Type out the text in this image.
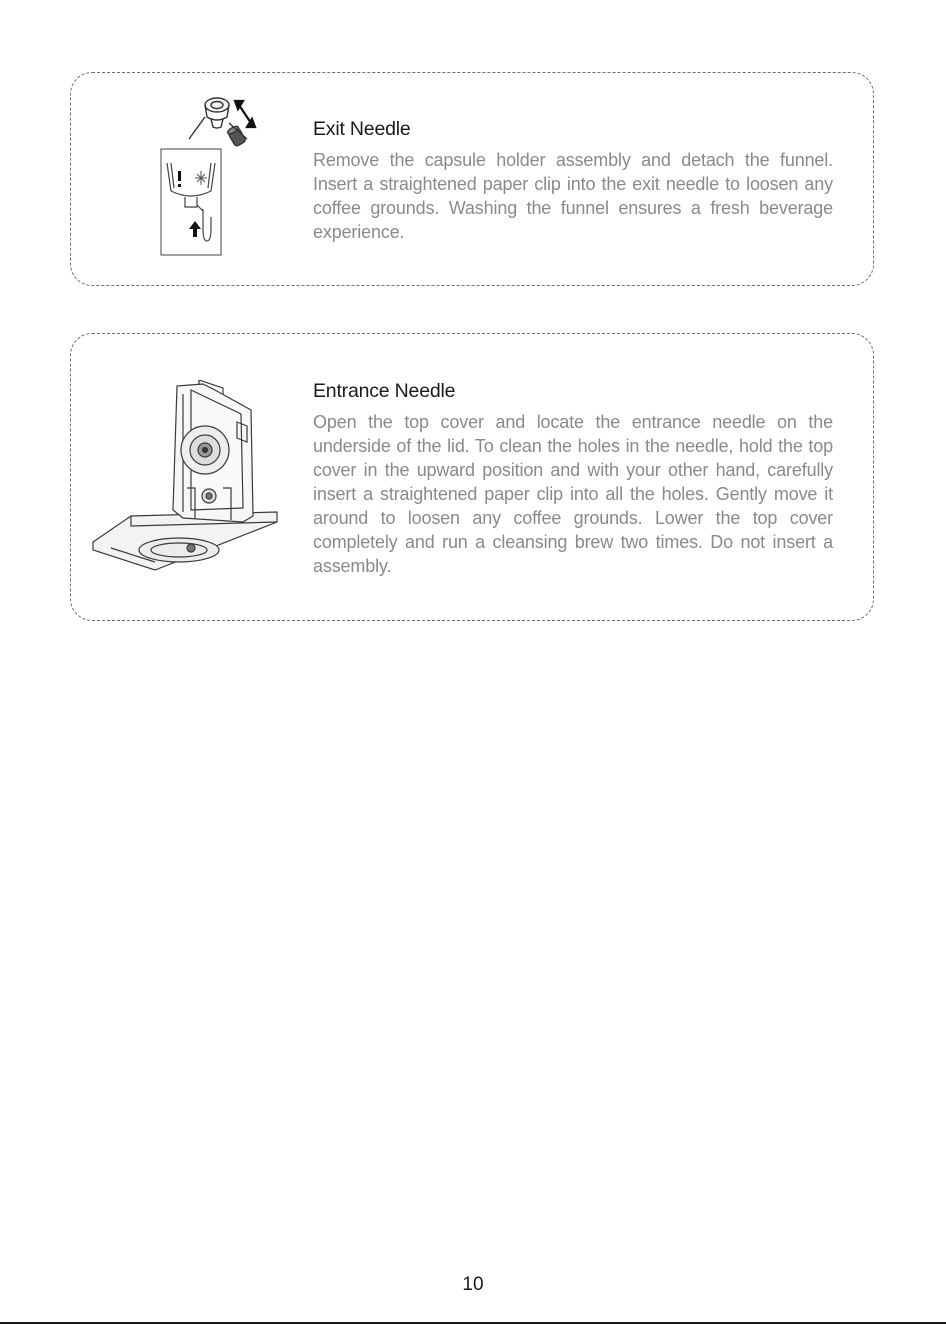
Exit Needle

Remove the capsule holder assembly and detach the funnel. Insert a straightened paper clip into the exit needle to loosen any coffee grounds. Washing the funnel ensures a fresh beverage experience.

Entrance Needle

Open the top cover and locate the entrance needle on the underside of the lid. To clean the holes in the needle, hold the top cover in the upward position and with your other hand, carefully insert a straightened paper clip into all the holes. Gently move it around to loosen any coffee grounds. Lower the top cover completely and run a cleansing brew two times. Do not insert a assembly.

10
